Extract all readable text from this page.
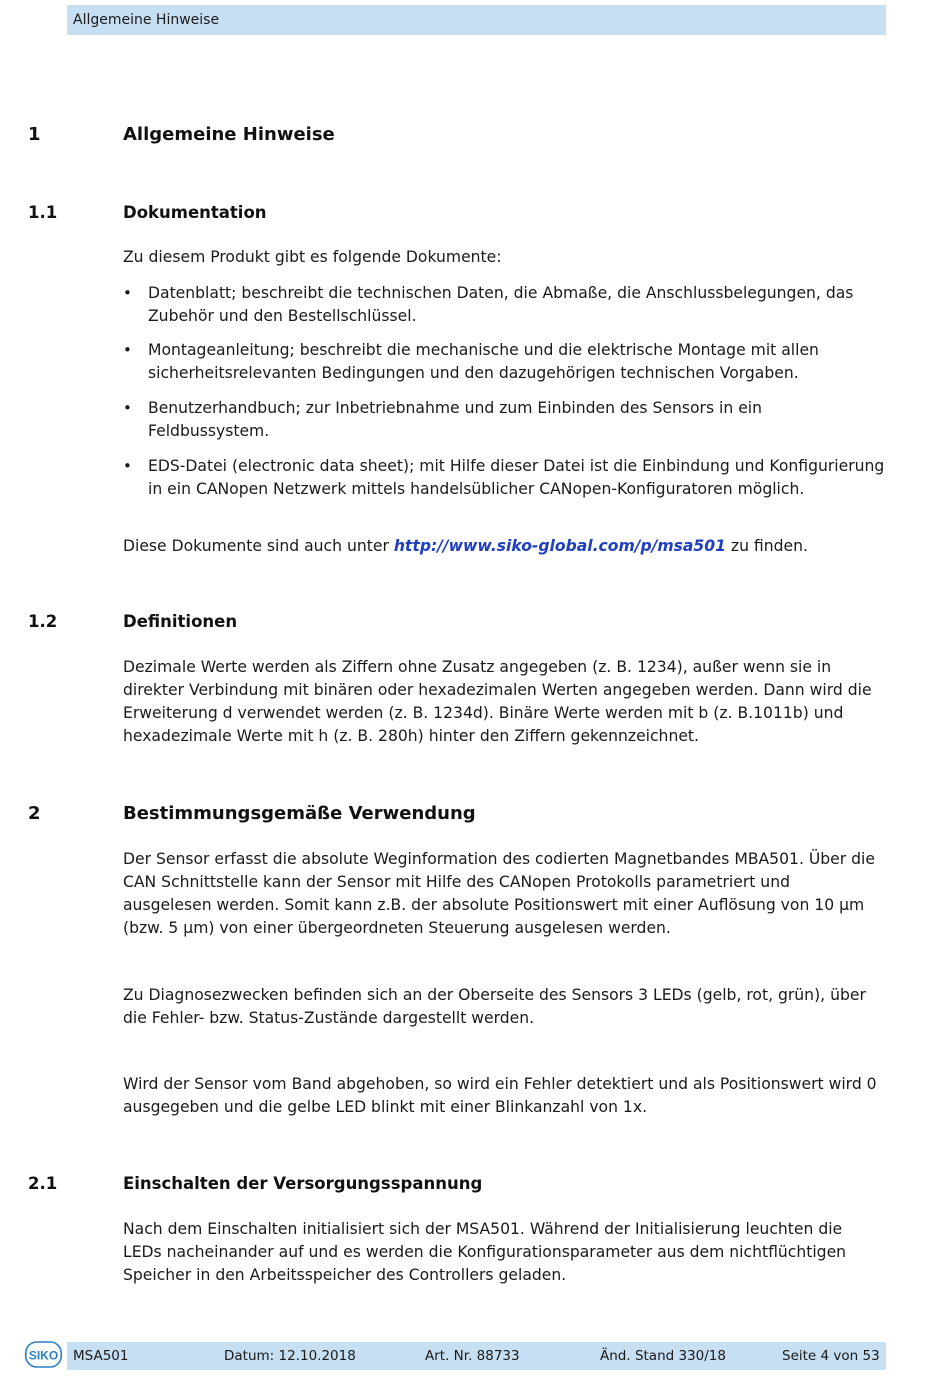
Allgemeine Hinweise
1	Allgemeine Hinweise
1.1	Dokumentation

Zu diesem Produkt gibt es folgende Dokumente:

•	Datenblatt; beschreibt die technischen Daten, die Abmaße, die Anschlussbelegungen, das Zubehör und den Bestellschlüssel.
•	Montageanleitung; beschreibt die mechanische und die elektrische Montage mit allen sicherheitsrelevanten Bedingungen und den dazugehörigen technischen Vorgaben.
•	Benutzerhandbuch; zur Inbetriebnahme und zum Einbinden des Sensors in ein Feldbussystem.
•	EDS-Datei (electronic data sheet); mit Hilfe dieser Datei ist die Einbindung und Konfigurierung in ein CANopen Netzwerk mittels handelsüblicher CANopen-Konfiguratoren möglich.

Diese Dokumente sind auch unter http://www.siko-global.com/p/msa501 zu finden.

1.2	Definitionen

Dezimale Werte werden als Ziffern ohne Zusatz angegeben (z. B. 1234), außer wenn sie in direkter Verbindung mit binären oder hexadezimalen Werten angegeben werden. Dann wird die Erweiterung d verwendet werden (z. B. 1234d). Binäre Werte werden mit b (z. B.1011b) und hexadezimale Werte mit h (z. B. 280h) hinter den Ziffern gekennzeichnet.

2	Bestimmungsgemäße Verwendung

Der Sensor erfasst die absolute Weginformation des codierten Magnetbandes MBA501. Über die CAN Schnittstelle kann der Sensor mit Hilfe des CANopen Protokolls parametriert und ausgelesen werden. Somit kann z.B. der absolute Positionswert mit einer Auflösung von 10 µm (bzw. 5 µm) von einer übergeordneten Steuerung ausgelesen werden.

Zu Diagnosezwecken befinden sich an der Oberseite des Sensors 3 LEDs (gelb, rot, grün), über die Fehler- bzw. Status-Zustände dargestellt werden.

Wird der Sensor vom Band abgehoben, so wird ein Fehler detektiert und als Positionswert wird 0 ausgegeben und die gelbe LED blinkt mit einer Blinkanzahl von 1x.

2.1	Einschalten der Versorgungsspannung

Nach dem Einschalten initialisiert sich der MSA501. Während der Initialisierung leuchten die LEDs nacheinander auf und es werden die Konfigurationsparameter aus dem nichtflüchtigen Speicher in den Arbeitsspeicher des Controllers geladen.

SIKO MSA501	Datum: 12.10.2018	Art. Nr. 88733	Änd. Stand 330/18	Seite 4 von 53
